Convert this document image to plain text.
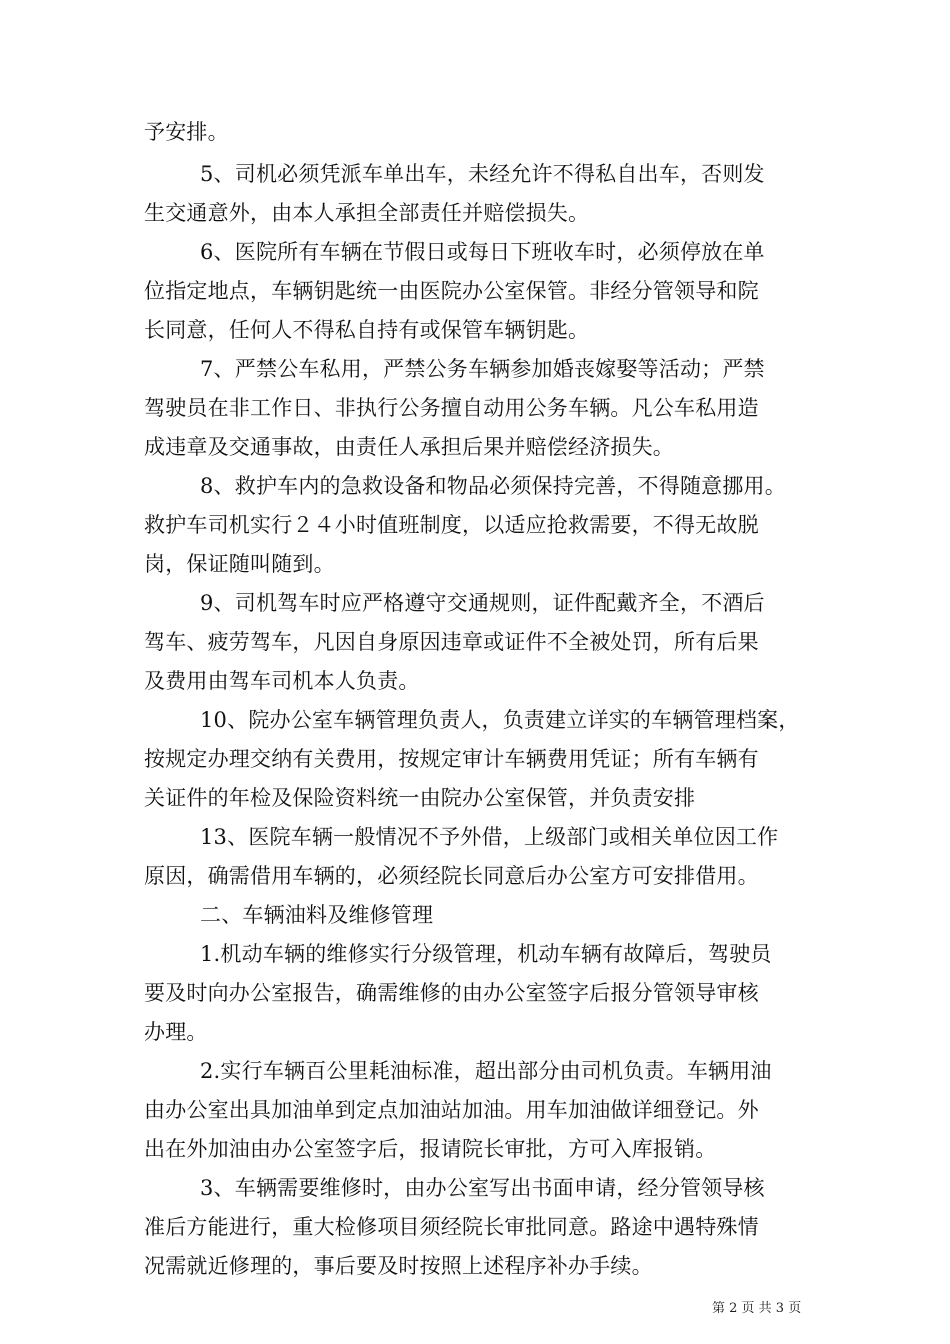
予安排。
5、司机必须凭派车单出车，未经允许不得私自出车，否则发
生交通意外，由本人承担全部责任并赔偿损失。
6、医院所有车辆在节假日或每日下班收车时，必须停放在单
位指定地点，车辆钥匙统一由医院办公室保管。非经分管领导和院
长同意，任何人不得私自持有或保管车辆钥匙。
7、严禁公车私用，严禁公务车辆参加婚丧嫁娶等活动；严禁
驾驶员在非工作日、非执行公务擅自动用公务车辆。凡公车私用造
成违章及交通事故，由责任人承担后果并赔偿经济损失。
8、救护车内的急救设备和物品必须保持完善，不得随意挪用。
救护车司机实行２４小时值班制度，以适应抢救需要，不得无故脱
岗，保证随叫随到。
9、司机驾车时应严格遵守交通规则，证件配戴齐全，不酒后
驾车、疲劳驾车，凡因自身原因违章或证件不全被处罚，所有后果
及费用由驾车司机本人负责。
10、院办公室车辆管理负责人，负责建立详实的车辆管理档案，
按规定办理交纳有关费用，按规定审计车辆费用凭证；所有车辆有
关证件的年检及保险资料统一由院办公室保管，并负责安排
13、医院车辆一般情况不予外借，上级部门或相关单位因工作
原因，确需借用车辆的，必须经院长同意后办公室方可安排借用。
二、车辆油料及维修管理
1.机动车辆的维修实行分级管理，机动车辆有故障后，驾驶员
要及时向办公室报告，确需维修的由办公室签字后报分管领导审核
办理。
2.实行车辆百公里耗油标准，超出部分由司机负责。车辆用油
由办公室出具加油单到定点加油站加油。用车加油做详细登记。外
出在外加油由办公室签字后，报请院长审批，方可入库报销。
3、车辆需要维修时，由办公室写出书面申请，经分管领导核
准后方能进行，重大检修项目须经院长审批同意。路途中遇特殊情
况需就近修理的，事后要及时按照上述程序补办手续。
第 2 页 共 3 页
